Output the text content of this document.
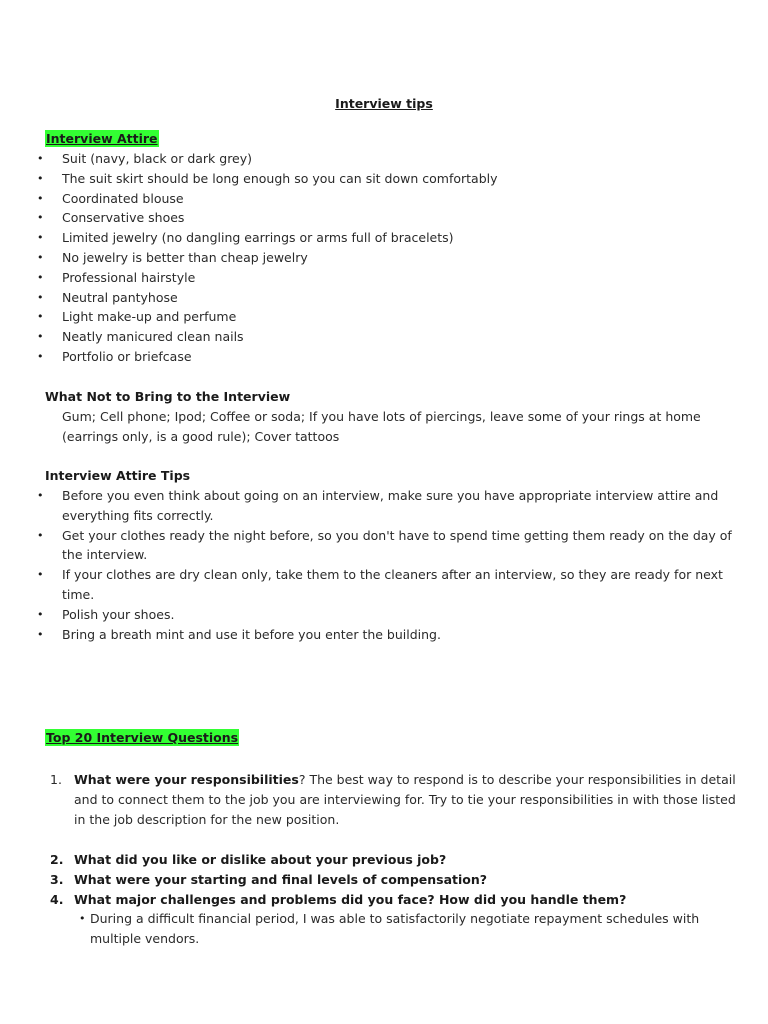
Interview tips
Interview Attire
• Suit (navy, black or dark grey)
• The suit skirt should be long enough so you can sit down comfortably
• Coordinated blouse
• Conservative shoes
• Limited jewelry (no dangling earrings or arms full of bracelets)
• No jewelry is better than cheap jewelry
• Professional hairstyle
• Neutral pantyhose
• Light make-up and perfume
• Neatly manicured clean nails
• Portfolio or briefcase
What Not to Bring to the Interview
Gum; Cell phone; Ipod; Coffee or soda; If you have lots of piercings, leave some of your rings at home (earrings only, is a good rule); Cover tattoos
Interview Attire Tips
• Before you even think about going on an interview, make sure you have appropriate interview attire and everything fits correctly.
• Get your clothes ready the night before, so you don't have to spend time getting them ready on the day of the interview.
• If your clothes are dry clean only, take them to the cleaners after an interview, so they are ready for next time.
• Polish your shoes.
• Bring a breath mint and use it before you enter the building.
Top 20 Interview Questions
1. What were your responsibilities? The best way to respond is to describe your responsibilities in detail and to connect them to the job you are interviewing for. Try to tie your responsibilities in with those listed in the job description for the new position.
2. What did you like or dislike about your previous job?
3. What were your starting and final levels of compensation?
4. What major challenges and problems did you face? How did you handle them?
• During a difficult financial period, I was able to satisfactorily negotiate repayment schedules with multiple vendors.
